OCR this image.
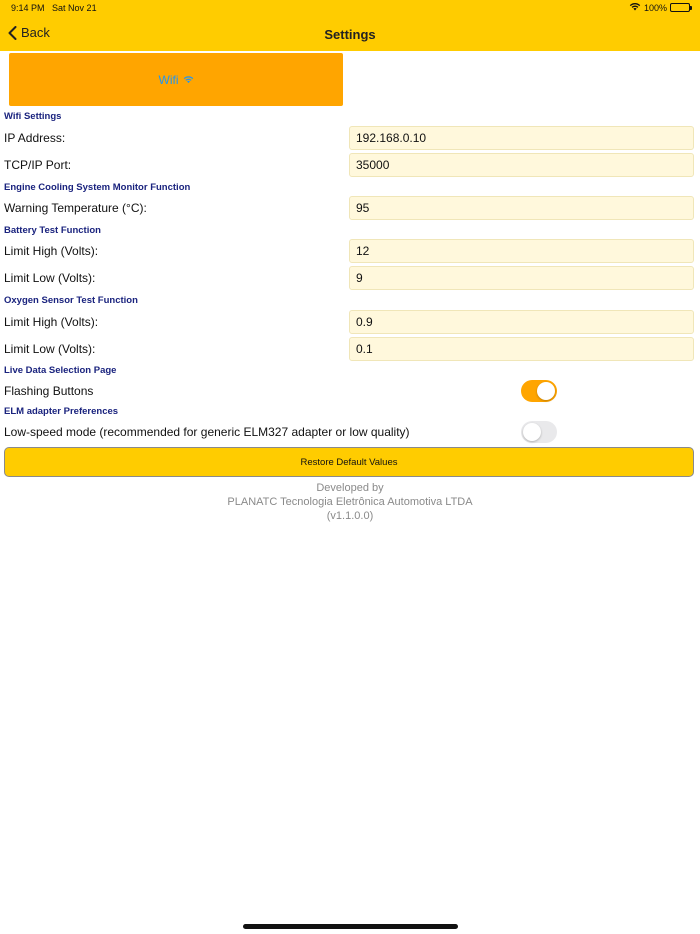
9:14 PM Sat Nov 21	100%
Back	Settings
Wifi
Wifi Settings
IP Address:	192.168.0.10
TCP/IP Port:	35000
Engine Cooling System Monitor Function
Warning Temperature (°C):	95
Battery Test Function
Limit High (Volts):	12
Limit Low (Volts):	9
Oxygen Sensor Test Function
Limit High (Volts):	0.9
Limit Low (Volts):	0.1
Live Data Selection Page
Flashing Buttons
ELM adapter Preferences
Low-speed mode (recommended for generic ELM327 adapter or low quality)
Restore Default Values
Developed by
PLANATC Tecnologia Eletrônica Automotiva LTDA
(v1.1.0.0)
